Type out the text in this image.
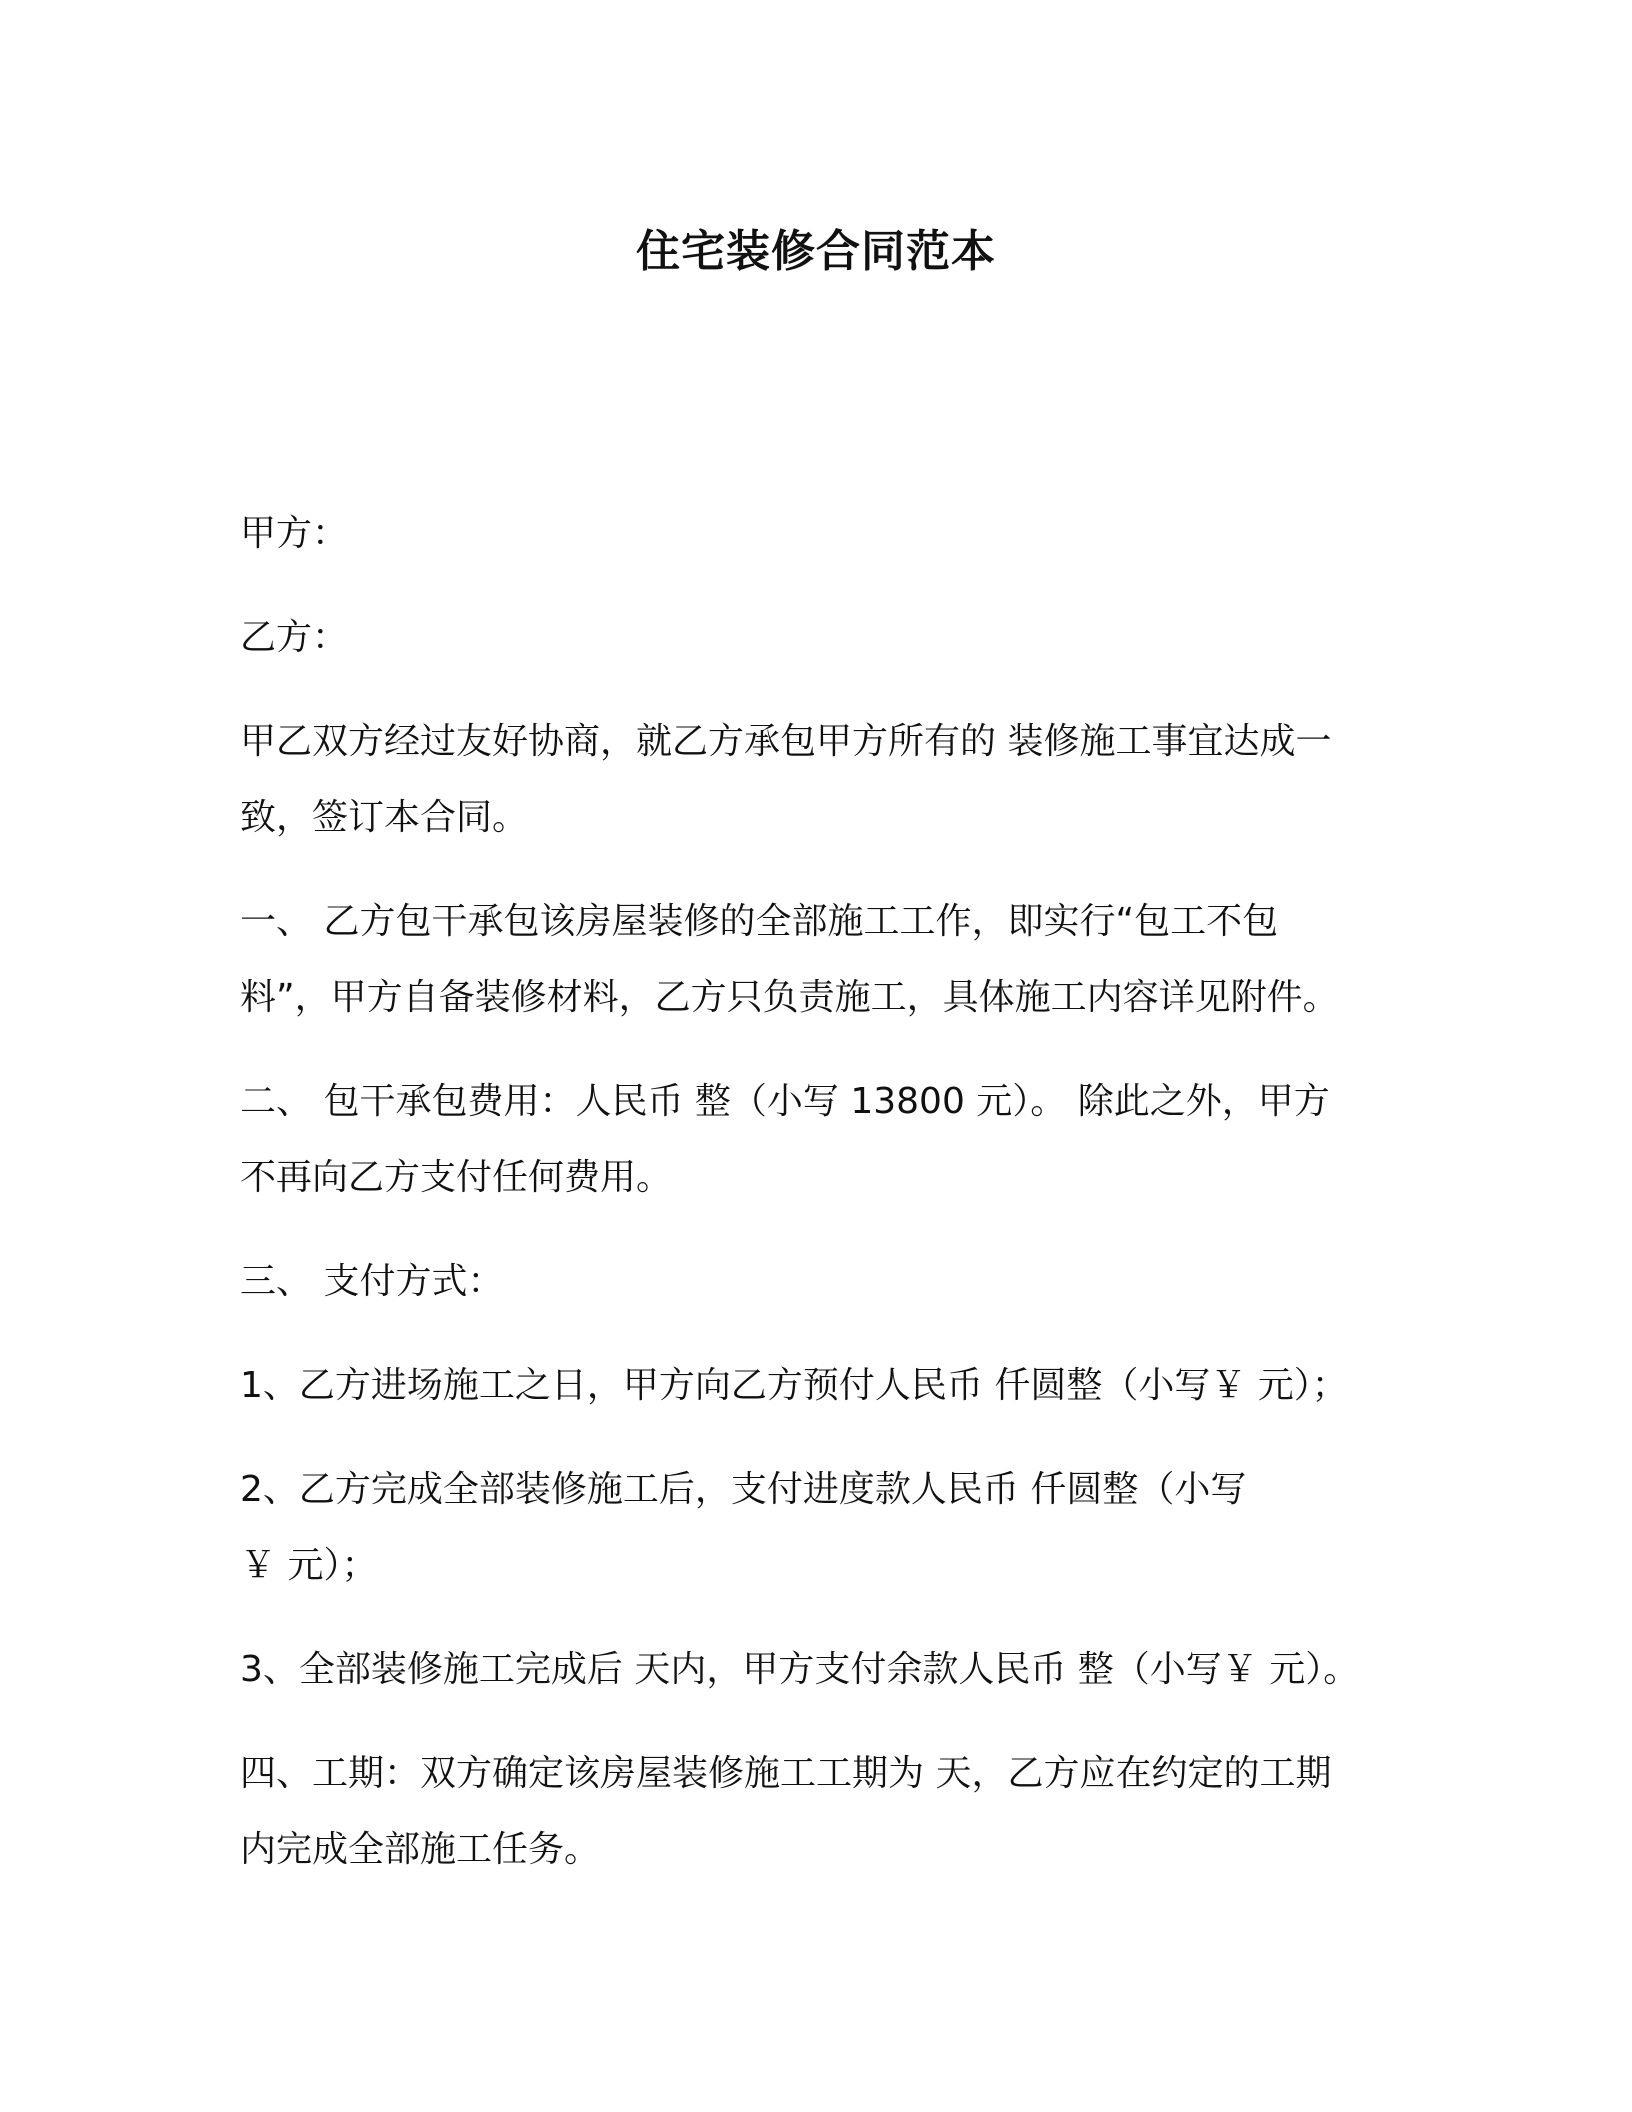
住宅装修合同范本

甲方：

乙方：

甲乙双方经过友好协商，就乙方承包甲方所有的 装修施工事宜达成一
致，签订本合同。

一、 乙方包干承包该房屋装修的全部施工工作，即实行“包工不包
料”，甲方自备装修材料，乙方只负责施工，具体施工内容详见附件。

二、 包干承包费用：人民币 整（小写 13800 元）。 除此之外，甲方
不再向乙方支付任何费用。

三、 支付方式：

1、乙方进场施工之日，甲方向乙方预付人民币 仟圆整（小写￥ 元）；

2、乙方完成全部装修施工后，支付进度款人民币 仟圆整（小写
￥ 元）；

3、全部装修施工完成后 天内，甲方支付余款人民币 整（小写￥ 元）。

四、工期：双方确定该房屋装修施工工期为 天，乙方应在约定的工期
内完成全部施工任务。
